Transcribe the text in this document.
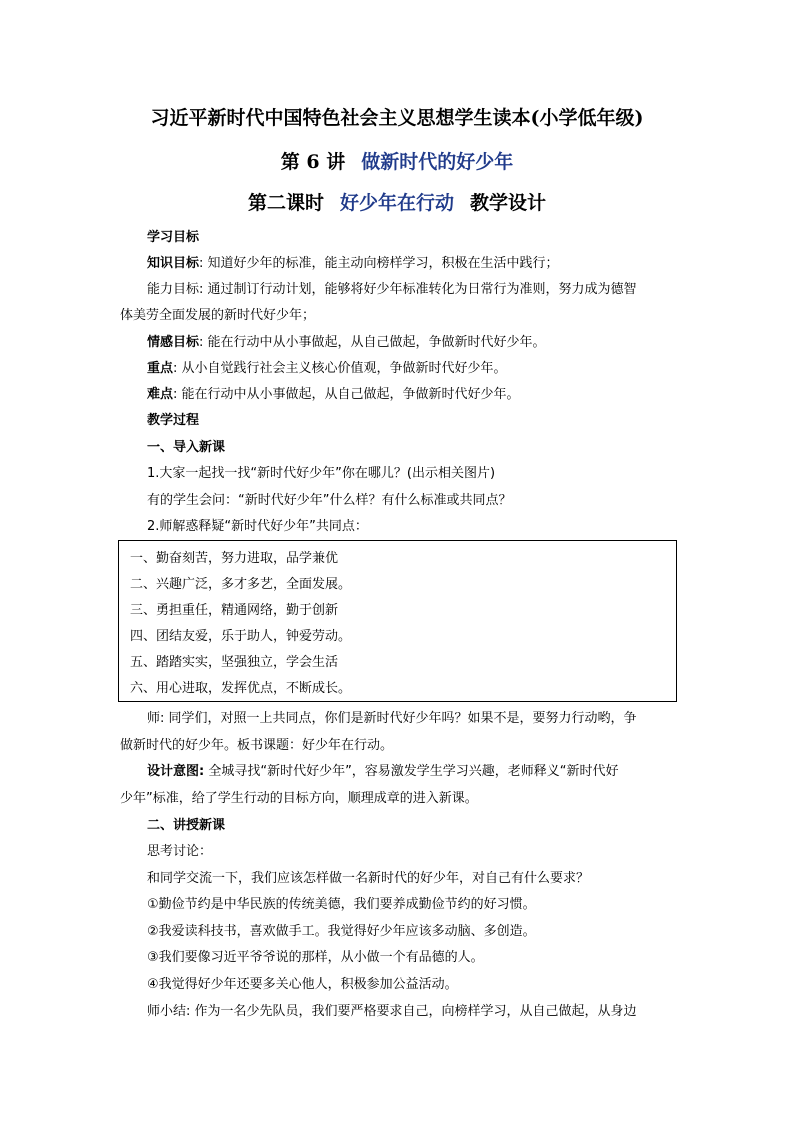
习近平新时代中国特色社会主义思想学生读本(小学低年级)
第 6 讲 做新时代的好少年
第二课时 好少年在行动 教学设计
学习目标
知识目标: 知道好少年的标准，能主动向榜样学习，积极在生活中践行；
能力目标: 通过制订行动计划，能够将好少年标准转化为日常行为准则，努力成为德智
体美劳全面发展的新时代好少年；
情感目标: 能在行动中从小事做起，从自己做起，争做新时代好少年。
重点: 从小自觉践行社会主义核心价值观，争做新时代好少年。
难点: 能在行动中从小事做起，从自己做起，争做新时代好少年。
教学过程
一、导入新课
1.大家一起找一找“新时代好少年”你在哪儿？(出示相关图片)
有的学生会问：“新时代好少年”什么样？有什么标准或共同点？
2.师解惑释疑“新时代好少年”共同点：
一、勤奋刻苦，努力进取，品学兼优
二、兴趣广泛，多才多艺，全面发展。
三、勇担重任，精通网络，勤于创新
四、团结友爱，乐于助人，钟爱劳动。
五、踏踏实实，坚强独立，学会生活
六、用心进取，发挥优点，不断成长。
师: 同学们，对照一上共同点，你们是新时代好少年吗？如果不是，要努力行动哟，争
做新时代的好少年。板书课题：好少年在行动。
设计意图: 全城寻找“新时代好少年”，容易激发学生学习兴趣，老师释义“新时代好
少年”标准，给了学生行动的目标方向，顺理成章的进入新课。
二、讲授新课
思考讨论：
和同学交流一下，我们应该怎样做一名新时代的好少年，对自己有什么要求？
①勤俭节约是中华民族的传统美德，我们要养成勤俭节约的好习惯。
②我爱读科技书，喜欢做手工。我觉得好少年应该多动脑、多创造。
③我们要像习近平爷爷说的那样，从小做一个有品德的人。
④我觉得好少年还要多关心他人，积极参加公益活动。
师小结: 作为一名少先队员，我们要严格要求自己，向榜样学习，从自己做起，从身边
